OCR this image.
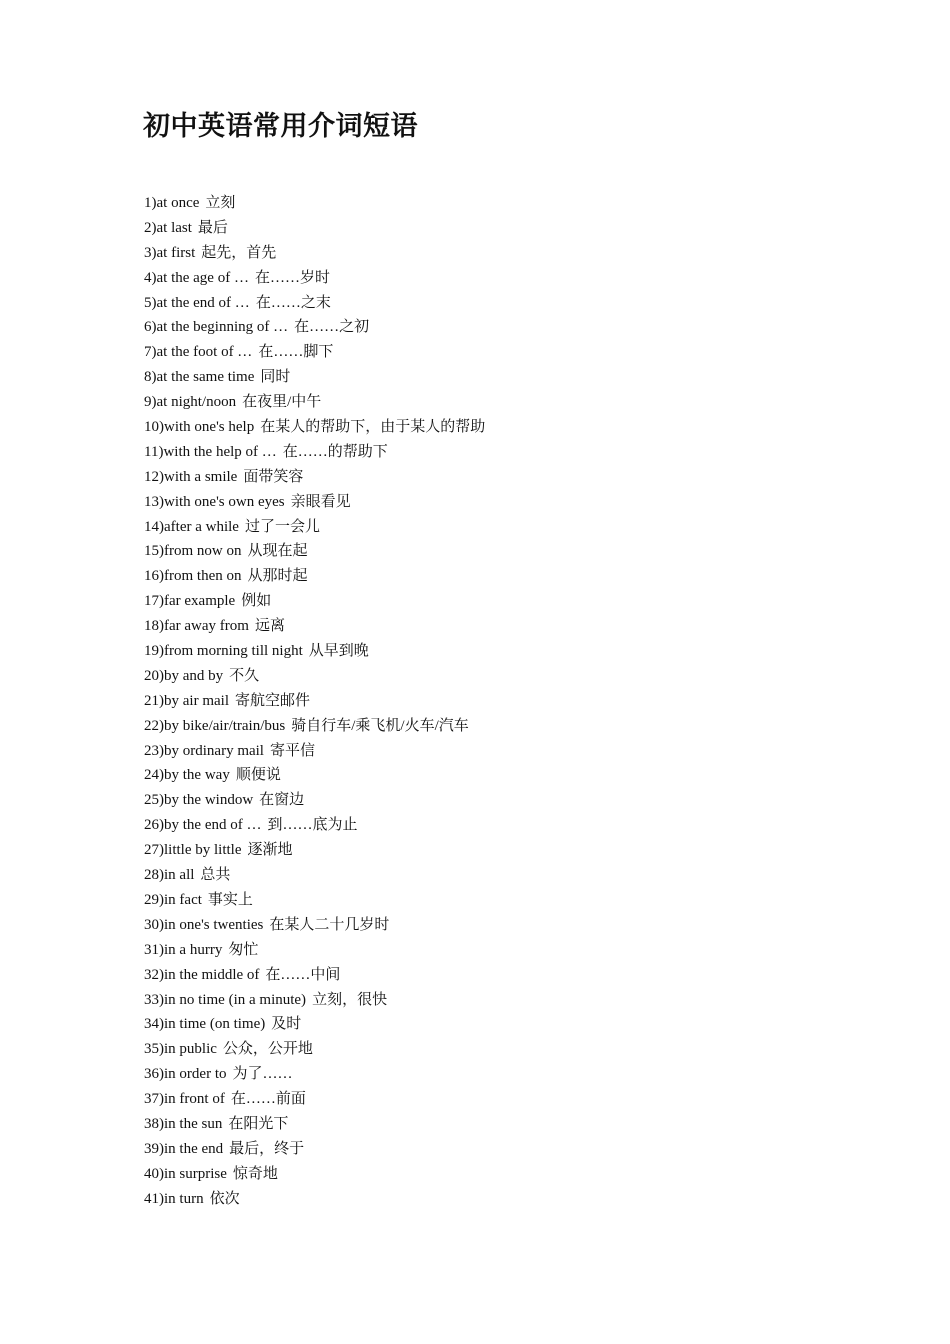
初中英语常用介词短语
1)at once 立刻
2)at last 最后
3)at first 起先，首先
4)at the age of … 在……岁时
5)at the end of … 在……之末
6)at the beginning of … 在……之初
7)at the foot of … 在……脚下
8)at the same time 同时
9)at night/noon 在夜里/中午
10)with one's help 在某人的帮助下，由于某人的帮助
11)with the help of … 在……的帮助下
12)with a smile 面带笑容
13)with one's own eyes 亲眼看见
14)after a while 过了一会儿
15)from now on 从现在起
16)from then on 从那时起
17)far example 例如
18)far away from 远离
19)from morning till night 从早到晚
20)by and by 不久
21)by air mail 寄航空邮件
22)by bike/air/train/bus 骑自行车/乘飞机/火车/汽车
23)by ordinary mail 寄平信
24)by the way 顺便说
25)by the window 在窗边
26)by the end of … 到……底为止
27)little by little 逐渐地
28)in all 总共
29)in fact 事实上
30)in one's twenties 在某人二十几岁时
31)in a hurry 匆忙
32)in the middle of 在……中间
33)in no time (in a minute) 立刻，很快
34)in time (on time) 及时
35)in public 公众，公开地
36)in order to 为了……
37)in front of 在……前面
38)in the sun 在阳光下
39)in the end 最后，终于
40)in surprise 惊奇地
41)in turn 依次
